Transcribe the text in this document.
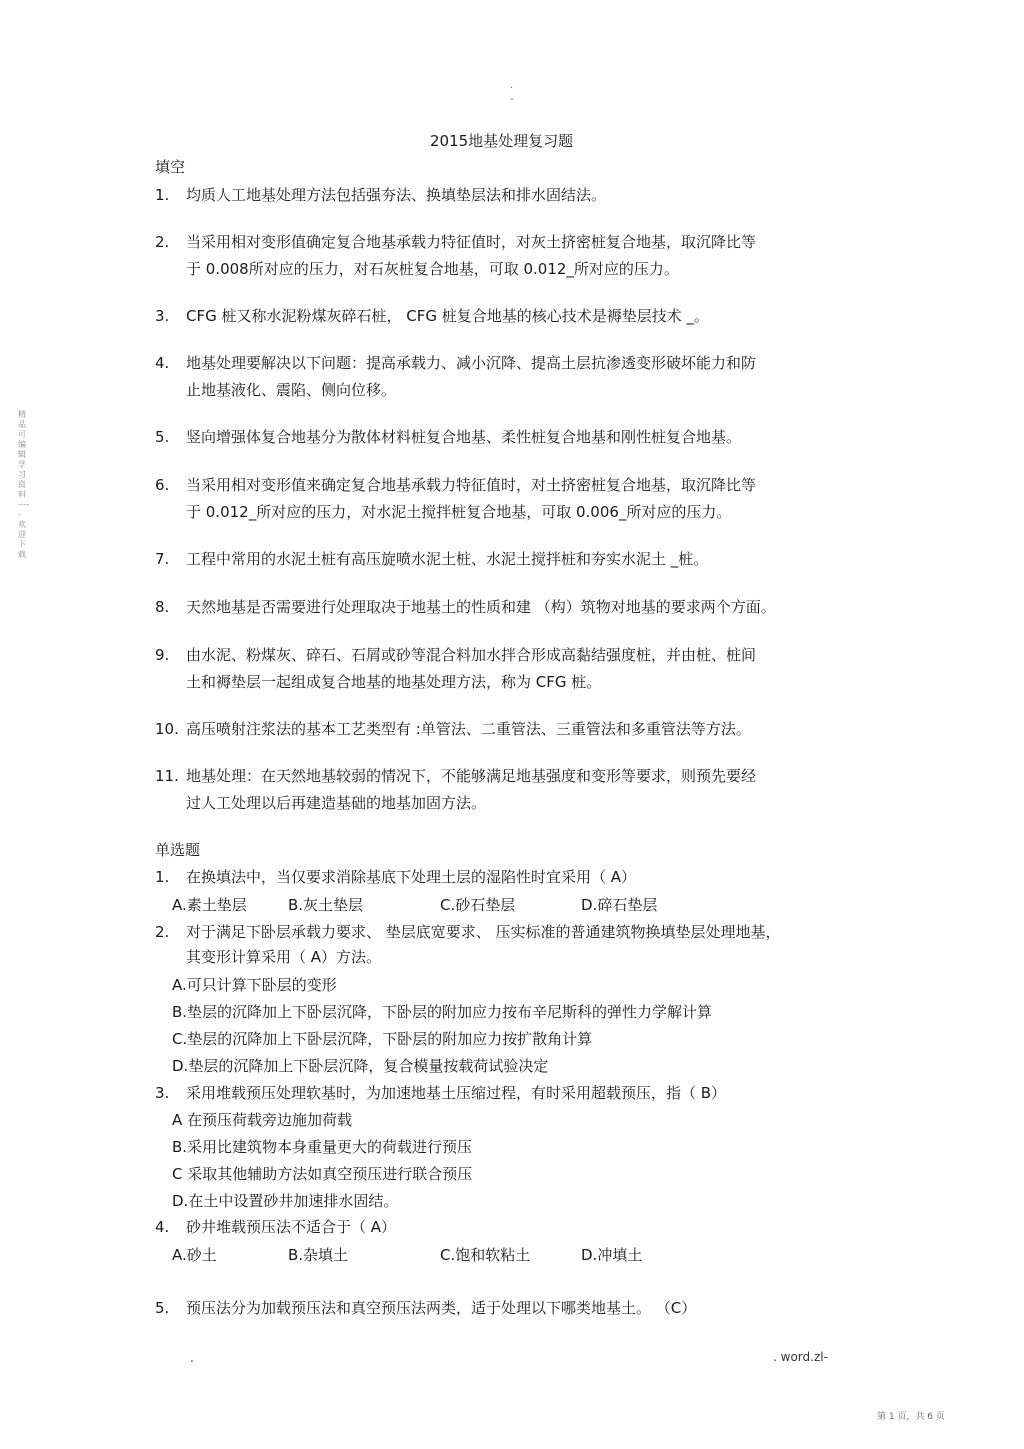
.
-
2015地基处理复习题
精品可编辑学习资料 ----- 欢迎下载
填空
1. 均质人工地基处理方法包括强夯法、换填垫层法和排水固结法。
2. 当采用相对变形值确定复合地基承载力特征值时，对灰土挤密桩复合地基，取沉降比等
于 0.008所对应的压力，对石灰桩复合地基，可取 0.012_所对应的压力。
3. CFG 桩又称水泥粉煤灰碎石桩， CFG 桩复合地基的核心技术是褥垫层技术 _。
4. 地基处理要解决以下问题：提高承载力、减小沉降、提高土层抗渗透变形破坏能力和防
止地基液化、震陷、侧向位移。
5. 竖向增强体复合地基分为散体材料桩复合地基、柔性桩复合地基和刚性桩复合地基。
6. 当采用相对变形值来确定复合地基承载力特征值时，对土挤密桩复合地基，取沉降比等
于 0.012_所对应的压力，对水泥土搅拌桩复合地基，可取 0.006_所对应的压力。
7. 工程中常用的水泥土桩有高压旋喷水泥土桩、水泥土搅拌桩和夯实水泥土 _桩。
8. 天然地基是否需要进行处理取决于地基土的性质和建 （构）筑物对地基的要求两个方面。
9. 由水泥、粉煤灰、碎石、石屑或砂等混合料加水拌合形成高黏结强度桩，并由桩、桩间
土和褥垫层一起组成复合地基的地基处理方法，称为 CFG 桩。
10. 高压喷射注浆法的基本工艺类型有 :单管法、二重管法、三重管法和多重管法等方法。
11. 地基处理：在天然地基较弱的情况下，不能够满足地基强度和变形等要求，则预先要经
过人工处理以后再建造基础的地基加固方法。
单选题
1. 在换填法中，当仅要求消除基底下处理土层的湿陷性时宜采用（ A）
A.素土垫层	B.灰土垫层	C.砂石垫层	D.碎石垫层
2. 对于满足下卧层承载力要求、 垫层底宽要求、 压实标准的普通建筑物换填垫层处理地基，
其变形计算采用（ A）方法。
A.可只计算下卧层的变形
B.垫层的沉降加上下卧层沉降，下卧层的附加应力按布辛尼斯科的弹性力学解计算
C.垫层的沉降加上下卧层沉降，下卧层的附加应力按扩散角计算
D.垫层的沉降加上下卧层沉降，复合模量按载荷试验决定
3. 采用堆载预压处理软基时，为加速地基土压缩过程，有时采用超载预压，指（ B）
A 在预压荷载旁边施加荷载
B.采用比建筑物本身重量更大的荷载进行预压
C 采取其他辅助方法如真空预压进行联合预压
D.在土中设置砂井加速排水固结。
4. 砂井堆载预压法不适合于（ A）
A.砂土	B.杂填土	C.饱和软粘土	D.冲填土
5. 预压法分为加载预压法和真空预压法两类，适于处理以下哪类地基土。 （C）
.	. word.zl-
第 1 页，共 6 页
